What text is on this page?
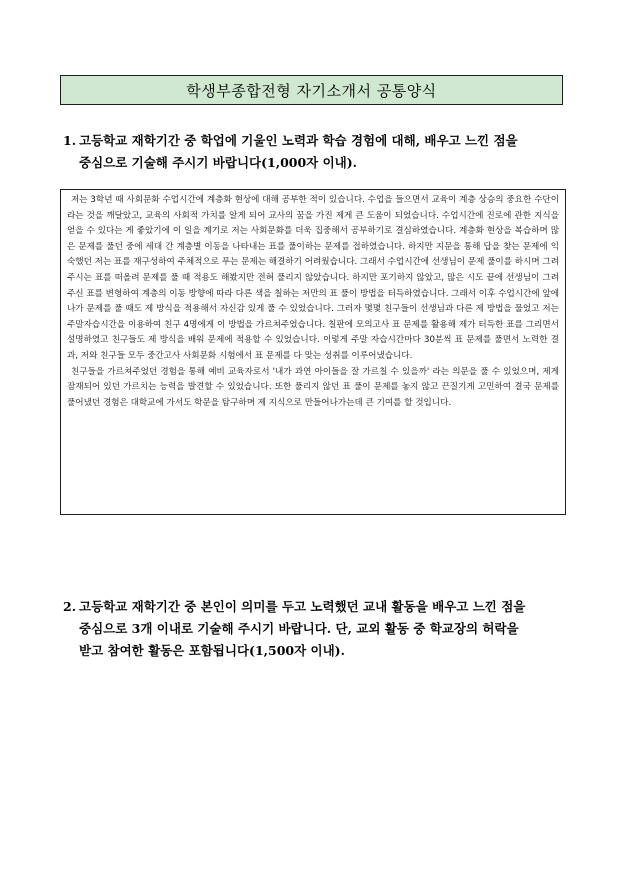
학생부종합전형 자기소개서 공통양식
1. 고등학교 재학기간 중 학업에 기울인 노력과 학습 경험에 대해, 배우고 느낀 점을
중심으로 기술해 주시기 바랍니다(1,000자 이내).

저는 3학년 때 사회문화 수업시간에 계층화 현상에 대해 공부한 적이 있습니다. 수업을 들으면서 교육이 계층 상승의 중요한 수단이라는 것을 깨달았고, 교육의 사회적 가치를 알게 되어 교사의 꿈을 가진 제게 큰 도움이 되었습니다. 수업시간에 진로에 관한 지식을 얻을 수 있다는 게 좋았기에 이 일을 계기로 저는 사회문화를 더욱 집중해서 공부하기로 결심하였습니다. 계층화 현상을 복습하며 많은 문제를 풀던 중에 세대 간 계층별 이동을 나타내는 표를 풀이하는 문제를 접하였습니다. 하지만 지문을 통해 답을 찾는 문제에 익숙했던 저는 표를 재구성하여 주체적으로 푸는 문제는 해결하기 어려웠습니다. 그래서 수업시간에 선생님이 문제 풀이를 하시며 그려주시는 표를 떠올려 문제를 풀 때 적용도 해봤지만 전혀 풀리지 않았습니다. 하지만 포기하지 않았고, 많은 시도 끝에 선생님이 그려주신 표를 변형하여 계층의 이동 방향에 따라 다른 색을 칠하는 저만의 표 풀이 방법을 터득하였습니다. 그래서 이후 수업시간에 앞에 나가 문제를 풀 때도 제 방식을 적용해서 자신감 있게 풀 수 있었습니다. 그러자 몇몇 친구들이 선생님과 다른 제 방법을 물었고 저는 주말자습시간을 이용하여 친구 4명에게 이 방법을 가르쳐주었습니다. 칠판에 모의고사 표 문제를 활용해 제가 터득한 표를 그리면서 설명하였고 친구들도 제 방식을 배워 문제에 적용할 수 있었습니다. 이렇게 주말 자습시간마다 30분씩 표 문제를 풀면서 노력한 결과, 저와 친구들 모두 중간고사 사회문화 시험에서 표 문제를 다 맞는 성취를 이루어냈습니다.

친구들을 가르쳐주었던 경험을 통해 예비 교육자로서 '내가 과연 아이들을 잘 가르칠 수 있을까' 라는 의문을 풀 수 있었으며, 제게 잠재되어 있던 가르치는 능력을 발견할 수 있었습니다. 또한 풀리지 않던 표 풀이 문제를 놓지 않고 끈질기게 고민하여 결국 문제를 풀어냈던 경험은 대학교에 가서도 학문을 탐구하며 제 지식으로 만들어나가는데 큰 기여를 할 것입니다.

2. 고등학교 재학기간 중 본인이 의미를 두고 노력했던 교내 활동을 배우고 느낀 점을
중심으로 3개 이내로 기술해 주시기 바랍니다. 단, 교외 활동 중 학교장의 허락을
받고 참여한 활동은 포함됩니다(1,500자 이내).
